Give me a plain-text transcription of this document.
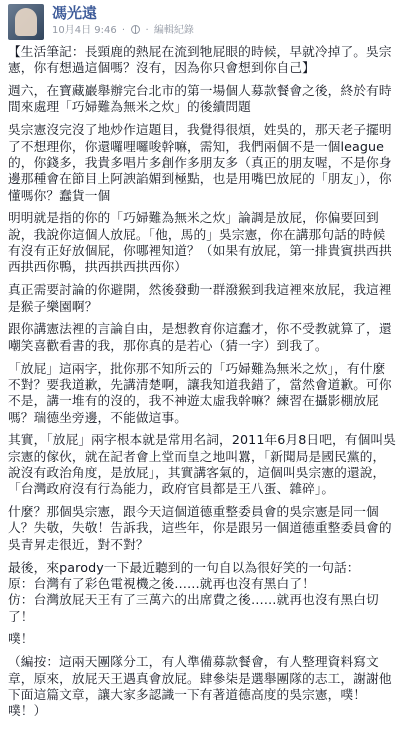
馮光遠
10月4日 9:46 · · 編輯紀錄

【生活筆記：長頸鹿的熱屁在流到牠屁眼的時候，早就冷掉了。吳宗憲，你有想過這個嗎？沒有，因為你只會想到你自己】

週六，在寶藏巖舉辦完台北市的第一場個人募款餐會之後，終於有時間來處理「巧婦難為無米之炊」的後續問題

吳宗憲沒完沒了地炒作這題目，我覺得很煩，姓吳的，那天老子擺明了不想理你，你還囉哩囉唆幹嘛，需知，我們兩個不是一個league的，你錢多，我貴多唱片多創作多朋友多（真正的朋友喔，不是你身邊那種會在節目上阿諛諂媚到極點，也是用嘴巴放屁的「朋友」），你懂嗎你？蠢貨一個

明明就是指的你的「巧婦難為無米之炊」論調是放屁，你偏要回到說，我說你這個人放屁。「他，馬的」吳宗憲，你在講那句話的時候有沒有正好放個屁，你哪裡知道？（如果有放屁，第一排貴賓拱西拱西拱西你鴨，拱西拱西拱西你）

真正需要討論的你避開，然後發動一群潑猴到我這裡來放屁，我這裡是猴子樂園啊？

跟你講憲法裡的言論自由，是想教育你這蠢才，你不受教就算了，還嘲笑喜歡看書的我，那你真的是若心（猜一字）到我了。

「放屁」這兩字，批你那不知所云的「巧婦難為無米之炊」，有什麼不對？要我道歉，先講清楚啊，讓我知道我錯了，當然會道歉。可你不是，講一堆有的沒的，我不神遊太虛我幹嘛？練習在攝影棚放屁嗎？瑞德坐旁邊，不能做這事。

其實，「放屁」兩字根本就是常用名詞，2011年6月8日吧，有個叫吳宗憲的傢伙，就在記者會上堂而皇之地叫囂，「新聞局是國民黨的，說沒有政治角度，是放屁」，其實講客氣的，這個叫吳宗憲的還說，「台灣政府沒有行為能力，政府官員都是王八蛋、雜碎」。

什麼？那個吳宗憲，跟今天這個道德重整委員會的吳宗憲是同一個人？失敬，失敬！告訴我，這些年，你是跟另一個道德重整委員會的吳青昇走很近，對不對？

最後，來parody一下最近聽到的一句自以為很好笑的一句話：
原：台灣有了彩色電視機之後……就再也沒有黑白了！
仿：台灣放屁天王有了三萬六的出席費之後……就再也沒有黑白切了！

噗！

（編按：這兩天團隊分工，有人準備募款餐會，有人整理資料寫文章，原來，放屁天王遇真會放屁。肆參柒是選舉團隊的志工，謝謝他下面這篇文章，讓大家多認識一下有著道德高度的吳宗憲，噗！噗！）
